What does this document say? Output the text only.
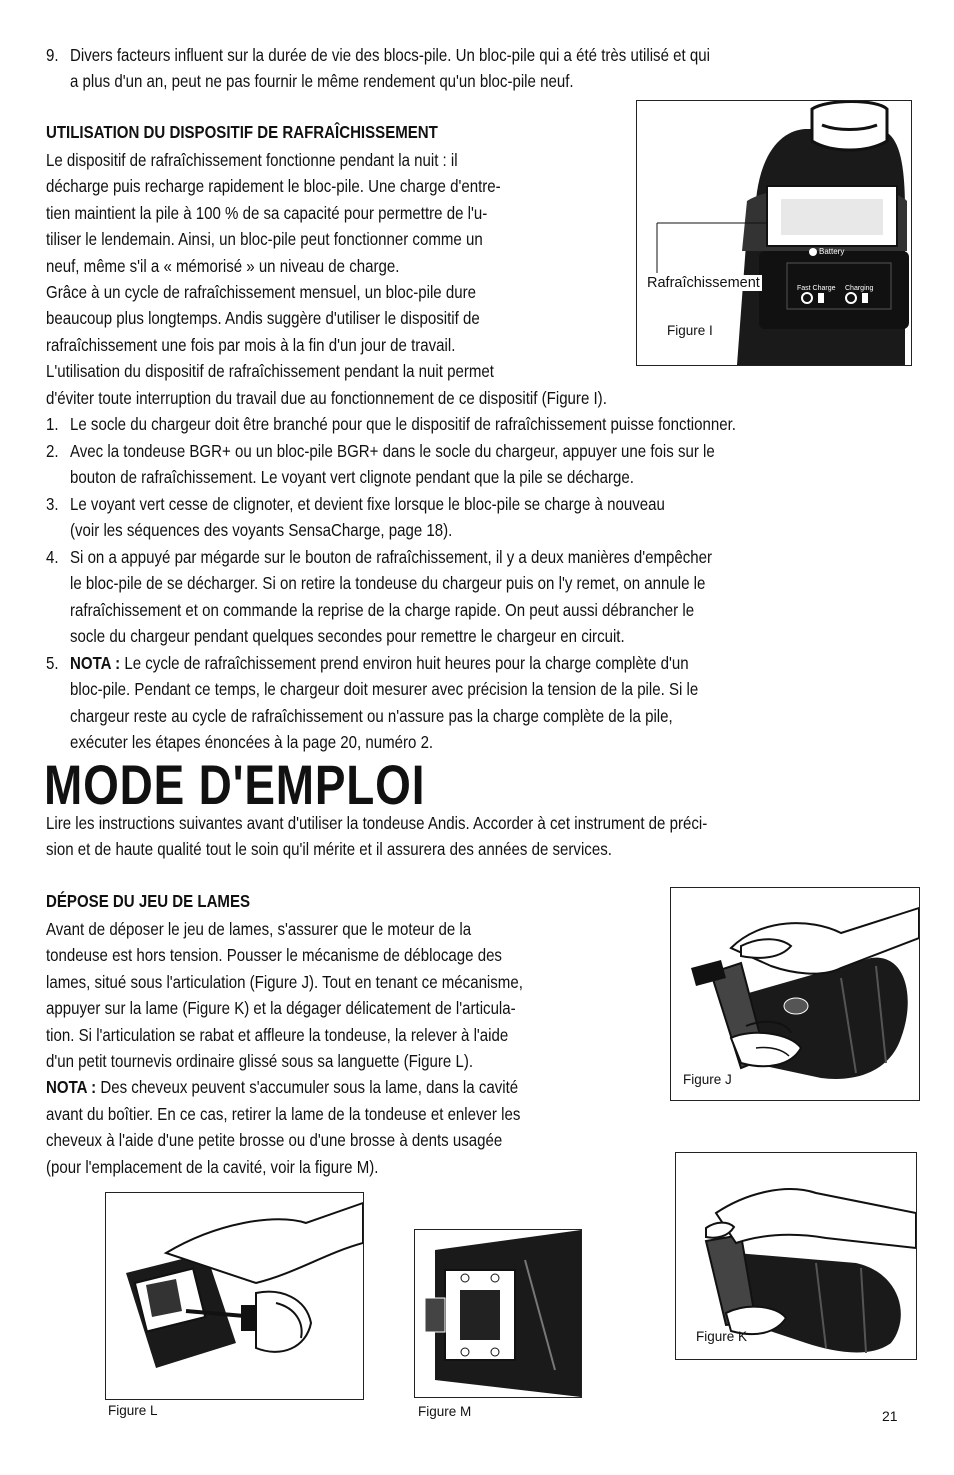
9. Divers facteurs influent sur la durée de vie des blocs-pile. Un bloc-pile qui a été très utilisé et qui
a plus d'un an, peut ne pas fournir le même rendement qu'un bloc-pile neuf.
UTILISATION DU DISPOSITIF DE RAFRAÎCHISSEMENT
Le dispositif de rafraîchissement fonctionne pendant la nuit : il
décharge puis recharge rapidement le bloc-pile. Une charge d'entre-
tien maintient la pile à 100 % de sa capacité pour permettre de l'u-
tiliser le lendemain. Ainsi, un bloc-pile peut fonctionner comme un
neuf, même s'il a « mémorisé » un niveau de charge.
Grâce à un cycle de rafraîchissement mensuel, un bloc-pile dure
beaucoup plus longtemps. Andis suggère d'utiliser le dispositif de
rafraîchissement une fois par mois à la fin d'un jour de travail.
L'utilisation du dispositif de rafraîchissement pendant la nuit permet
d'éviter toute interruption du travail due au fonctionnement de ce dispositif (Figure I).
1. Le socle du chargeur doit être branché pour que le dispositif de rafraîchissement puisse fonctionner.
2. Avec la tondeuse BGR+ ou un bloc-pile BGR+ dans le socle du chargeur, appuyer une fois sur le
bouton de rafraîchissement. Le voyant vert clignote pendant que la pile se décharge.
3. Le voyant vert cesse de clignoter, et devient fixe lorsque le bloc-pile se charge à nouveau
(voir les séquences des voyants SensaCharge, page 18).
4. Si on a appuyé par mégarde sur le bouton de rafraîchissement, il y a deux manières d'empêcher
le bloc-pile de se décharger. Si on retire la tondeuse du chargeur puis on l'y remet, on annule le
rafraîchissement et on commande la reprise de la charge rapide. On peut aussi débrancher le
socle du chargeur pendant quelques secondes pour remettre le chargeur en circuit.
5. NOTA : Le cycle de rafraîchissement prend environ huit heures pour la charge complète d'un
bloc-pile. Pendant ce temps, le chargeur doit mesurer avec précision la tension de la pile. Si le
chargeur reste au cycle de rafraîchissement ou n'assure pas la charge complète de la pile,
exécuter les étapes énoncées à la page 20, numéro 2.
Battery
Fast Charge Charging
Rafraîchissement
Figure I
MODE D'EMPLOI
Lire les instructions suivantes avant d'utiliser la tondeuse Andis. Accorder à cet instrument de préci-
sion et de haute qualité tout le soin qu'il mérite et il assurera des années de services.
DÉPOSE DU JEU DE LAMES
Avant de déposer le jeu de lames, s'assurer que le moteur de la
tondeuse est hors tension. Pousser le mécanisme de déblocage des
lames, situé sous l'articulation (Figure J). Tout en tenant ce mécanisme,
appuyer sur la lame (Figure K) et la dégager délicatement de l'articula-
tion. Si l'articulation se rabat et affleure la tondeuse, la relever à l'aide
d'un petit tournevis ordinaire glissé sous sa languette (Figure L).
NOTA : Des cheveux peuvent s'accumuler sous la lame, dans la cavité
avant du boîtier. En ce cas, retirer la lame de la tondeuse et enlever les
cheveux à l'aide d'une petite brosse ou d'une brosse à dents usagée
(pour l'emplacement de la cavité, voir la figure M).
Figure J
Figure K
Figure L	Figure M	21
